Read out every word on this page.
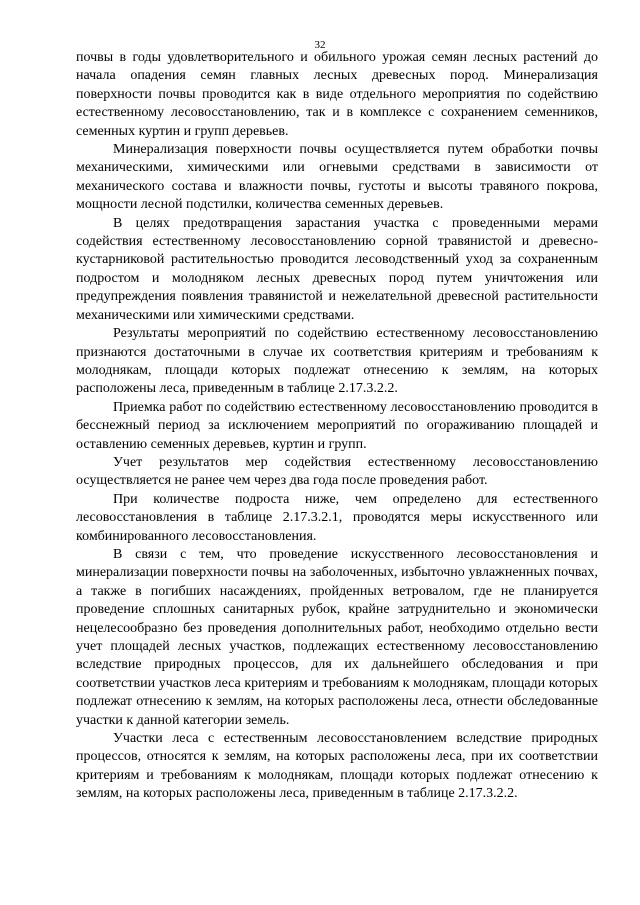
32

почвы в годы удовлетворительного и обильного урожая семян лесных растений до начала опадения семян главных лесных древесных пород. Минерализация поверхности почвы проводится как в виде отдельного мероприятия по содействию естественному лесовосстановлению, так и в комплексе с сохранением семенников, семенных куртин и групп деревьев.

Минерализация поверхности почвы осуществляется путем обработки почвы механическими, химическими или огневыми средствами в зависимости от механического состава и влажности почвы, густоты и высоты травяного покрова, мощности лесной подстилки, количества семенных деревьев.

В целях предотвращения зарастания участка с проведенными мерами содействия естественному лесовосстановлению сорной травянистой и древесно-кустарниковой растительностью проводится лесоводственный уход за сохраненным подростом и молодняком лесных древесных пород путем уничтожения или предупреждения появления травянистой и нежелательной древесной растительности механическими или химическими средствами.

Результаты мероприятий по содействию естественному лесовосстановлению признаются достаточными в случае их соответствия критериям и требованиям к молоднякам, площади которых подлежат отнесению к землям, на которых расположены леса, приведенным в таблице 2.17.3.2.2.

Приемка работ по содействию естественному лесовосстановлению проводится в бесснежный период за исключением мероприятий по огораживанию площадей и оставлению семенных деревьев, куртин и групп.

Учет результатов мер содействия естественному лесовосстановлению осуществляется не ранее чем через два года после проведения работ.

При количестве подроста ниже, чем определено для естественного лесовосстановления в таблице 2.17.3.2.1, проводятся меры искусственного или комбинированного лесовосстановления.

В связи с тем, что проведение искусственного лесовосстановления и минерализации поверхности почвы на заболоченных, избыточно увлажненных почвах, а также в погибших насаждениях, пройденных ветровалом, где не планируется проведение сплошных санитарных рубок, крайне затруднительно и экономически нецелесообразно без проведения дополнительных работ, необходимо отдельно вести учет площадей лесных участков, подлежащих естественному лесовосстановлению вследствие природных процессов, для их дальнейшего обследования и при соответствии участков леса критериям и требованиям к молоднякам, площади которых подлежат отнесению к землям, на которых расположены леса, отнести обследованные участки к данной категории земель.

Участки леса с естественным лесовосстановлением вследствие природных процессов, относятся к землям, на которых расположены леса, при их соответствии критериям и требованиям к молоднякам, площади которых подлежат отнесению к землям, на которых расположены леса, приведенным в таблице 2.17.3.2.2.
